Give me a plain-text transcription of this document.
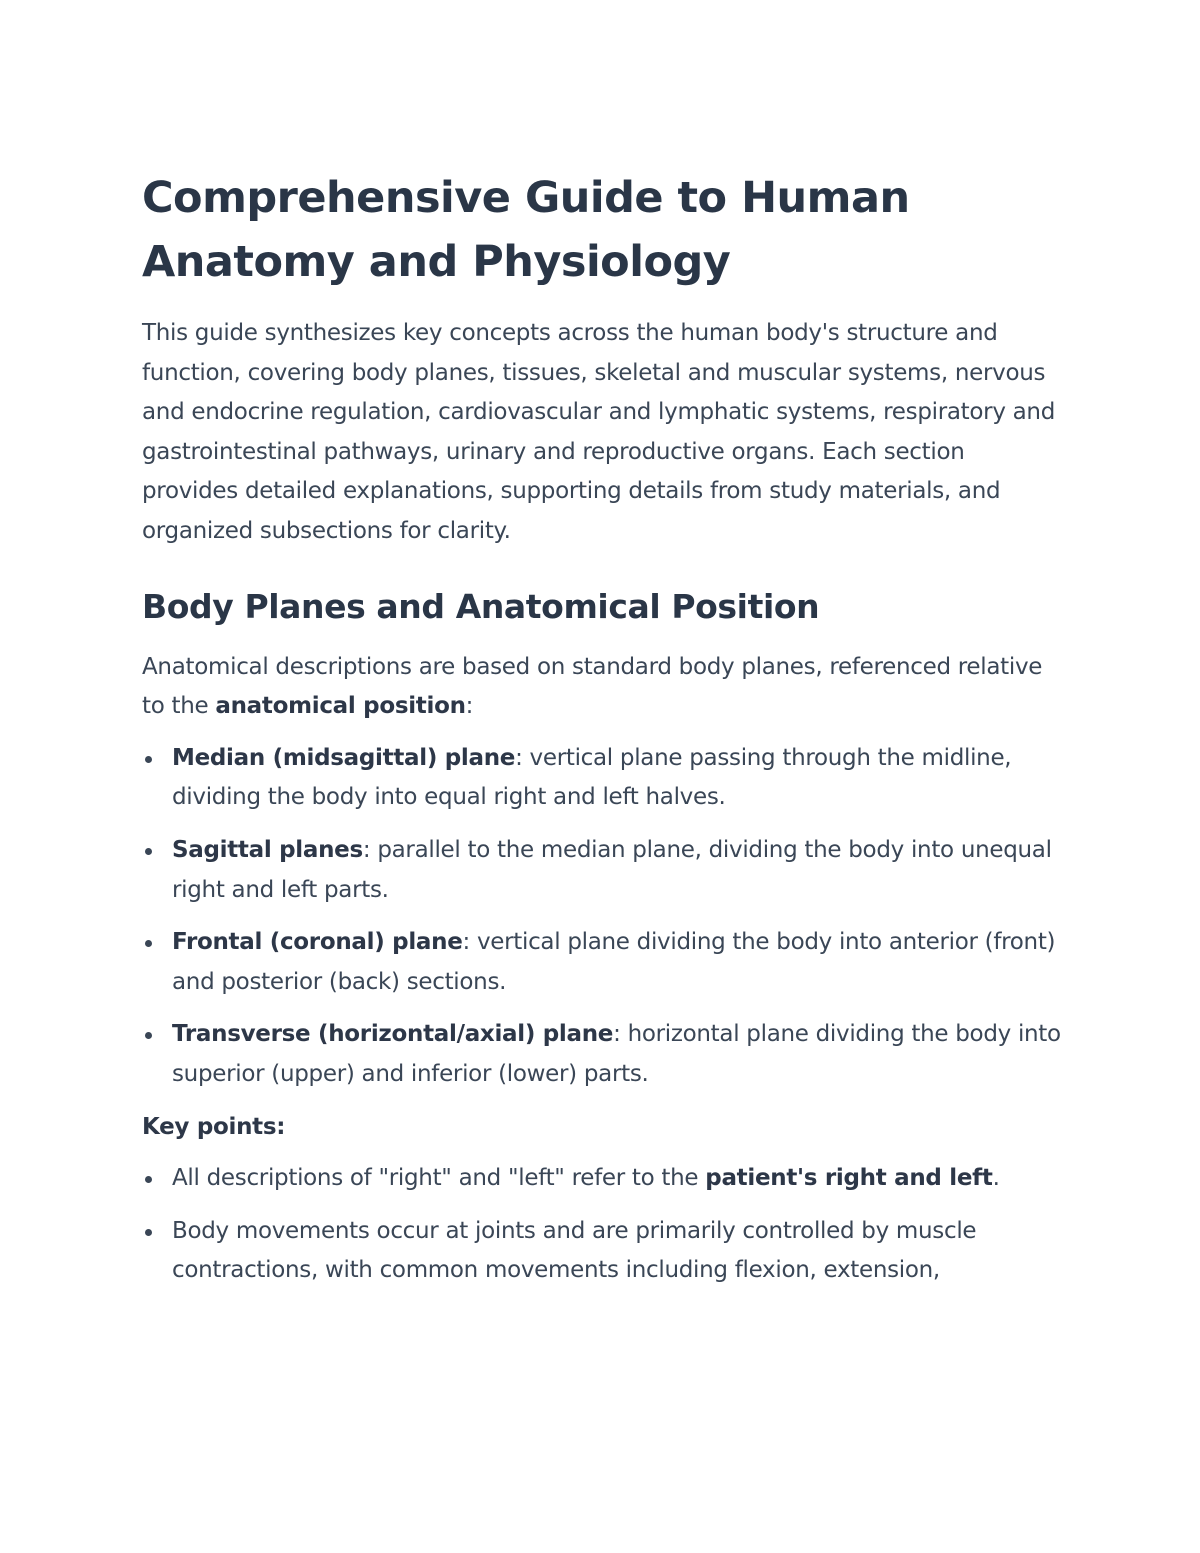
Comprehensive Guide to Human Anatomy and Physiology

This guide synthesizes key concepts across the human body's structure and function, covering body planes, tissues, skeletal and muscular systems, nervous and endocrine regulation, cardiovascular and lymphatic systems, respiratory and gastrointestinal pathways, urinary and reproductive organs. Each section provides detailed explanations, supporting details from study materials, and organized subsections for clarity.

Body Planes and Anatomical Position

Anatomical descriptions are based on standard body planes, referenced relative to the anatomical position:

Median (midsagittal) plane: vertical plane passing through the midline, dividing the body into equal right and left halves.
Sagittal planes: parallel to the median plane, dividing the body into unequal right and left parts.
Frontal (coronal) plane: vertical plane dividing the body into anterior (front) and posterior (back) sections.
Transverse (horizontal/axial) plane: horizontal plane dividing the body into superior (upper) and inferior (lower) parts.

Key points:

All descriptions of "right" and "left" refer to the patient's right and left.
Body movements occur at joints and are primarily controlled by muscle contractions, with common movements including flexion, extension,
